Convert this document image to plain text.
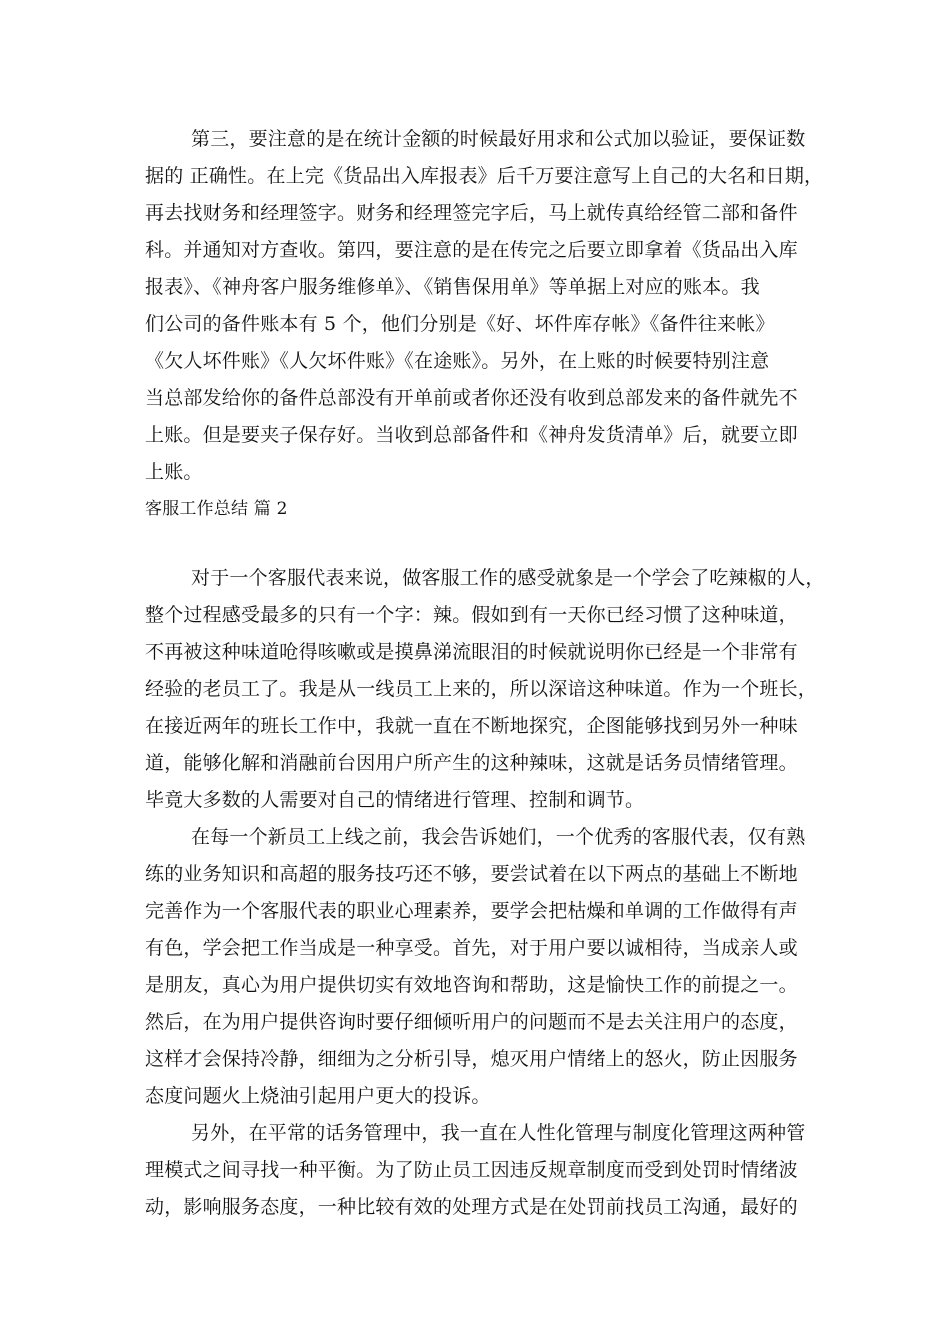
第三，要注意的是在统计金额的时候最好用求和公式加以验证，要保证数
据的 正确性。在上完《货品出入库报表》后千万要注意写上自己的大名和日期，
再去找财务和经理签字。财务和经理签完字后，马上就传真给经管二部和备件
科。并通知对方查收。第四，要注意的是在传完之后要立即拿着《货品出入库
报表》、《神舟客户服务维修单》、《销售保用单》等单据上对应的账本。我
们公司的备件账本有 5 个，他们分别是《好、坏件库存帐》《备件往来帐》
《欠人坏件账》《人欠坏件账》《在途账》。另外，在上账的时候要特别注意
当总部发给你的备件总部没有开单前或者你还没有收到总部发来的备件就先不
上账。但是要夹子保存好。当收到总部备件和《神舟发货清单》后，就要立即
上账。
客服工作总结 篇 2
对于一个客服代表来说，做客服工作的感受就象是一个学会了吃辣椒的人，
整个过程感受最多的只有一个字：辣。假如到有一天你已经习惯了这种味道，
不再被这种味道呛得咳嗽或是摸鼻涕流眼泪的时候就说明你已经是一个非常有
经验的老员工了。我是从一线员工上来的，所以深谙这种味道。作为一个班长，
在接近两年的班长工作中，我就一直在不断地探究，企图能够找到另外一种味
道，能够化解和消融前台因用户所产生的这种辣味，这就是话务员情绪管理。
毕竟大多数的人需要对自己的情绪进行管理、控制和调节。
在每一个新员工上线之前，我会告诉她们，一个优秀的客服代表，仅有熟
练的业务知识和高超的服务技巧还不够，要尝试着在以下两点的基础上不断地
完善作为一个客服代表的职业心理素养，要学会把枯燥和单调的工作做得有声
有色，学会把工作当成是一种享受。首先，对于用户要以诚相待，当成亲人或
是朋友，真心为用户提供切实有效地咨询和帮助，这是愉快工作的前提之一。
然后，在为用户提供咨询时要仔细倾听用户的问题而不是去关注用户的态度，
这样才会保持冷静，细细为之分析引导，熄灭用户情绪上的怒火，防止因服务
态度问题火上烧油引起用户更大的投诉。
另外，在平常的话务管理中，我一直在人性化管理与制度化管理这两种管
理模式之间寻找一种平衡。为了防止员工因违反规章制度而受到处罚时情绪波
动，影响服务态度，一种比较有效的处理方式是在处罚前找员工沟通，最好的
